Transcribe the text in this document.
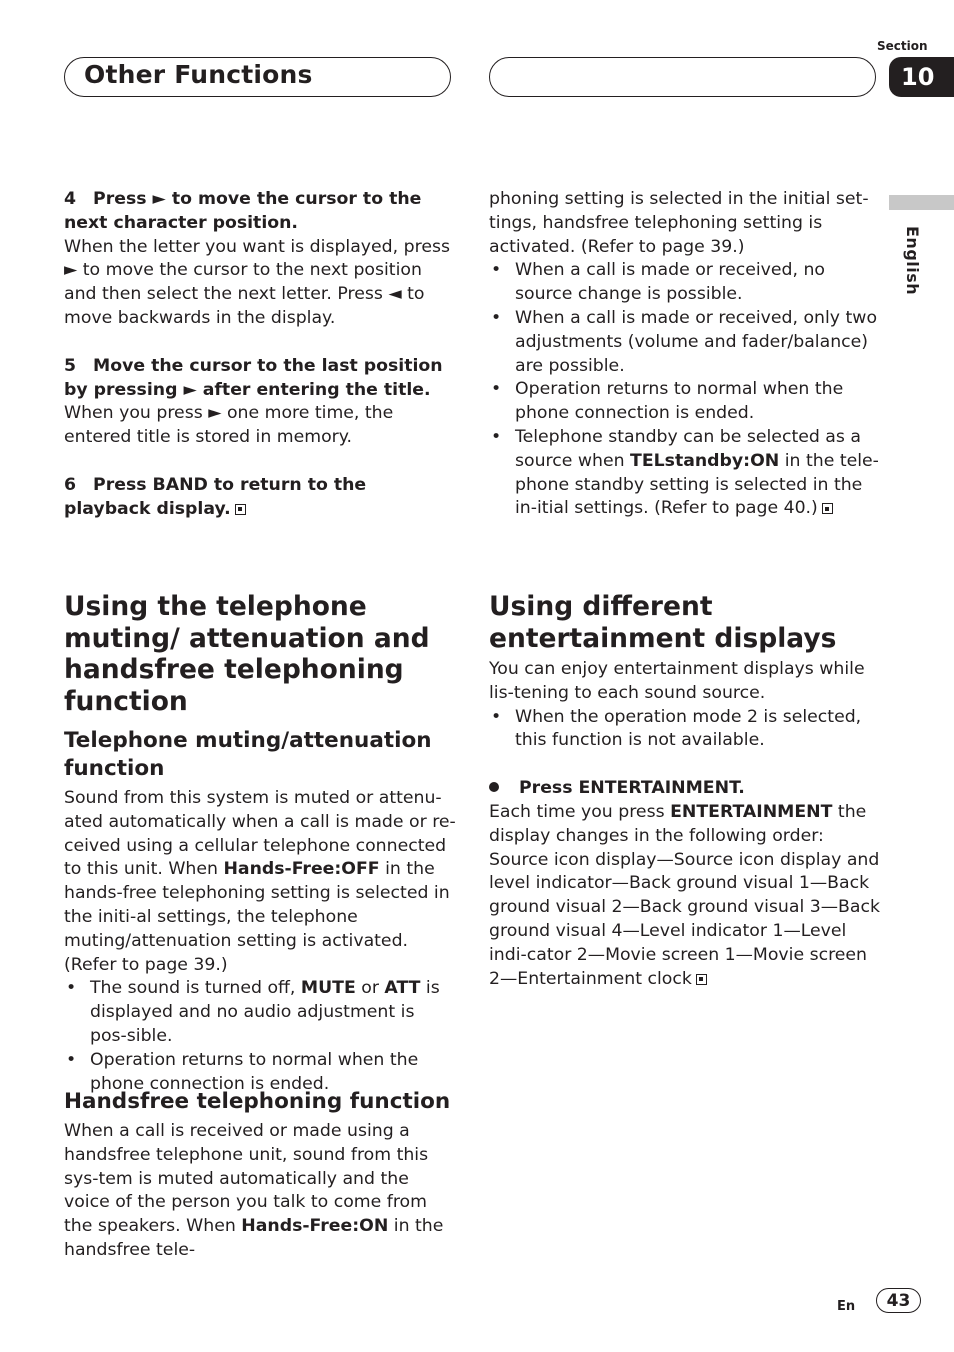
Other Functions
Section
10
English

4 Press ► to move the cursor to the next character position.

When the letter you want is displayed, press ► to move the cursor to the next position and then select the next letter. Press ◄ to move backwards in the display.

5 Move the cursor to the last position by pressing ► after entering the title.

When you press ► one more time, the entered title is stored in memory.

6 Press BAND to return to the playback display.

phoning setting is selected in the initial set-tings, handsfree telephoning setting is activated. (Refer to page 39.)

• When a call is made or received, no source change is possible.
• When a call is made or received, only two adjustments (volume and fader/balance) are possible.
• Operation returns to normal when the phone connection is ended.
• Telephone standby can be selected as a source when TELstandby:ON in the tele-phone standby setting is selected in the in-itial settings. (Refer to page 40.)
Using the telephone muting/ attenuation and handsfree telephoning function
Telephone muting/attenuation function

Sound from this system is muted or attenu-ated automatically when a call is made or re-ceived using a cellular telephone connected to this unit. When Hands-Free:OFF in the hands-free telephoning setting is selected in the initi-al settings, the telephone muting/attenuation setting is activated. (Refer to page 39.)

• The sound is turned off, MUTE or ATT is displayed and no audio adjustment is pos-sible.
• Operation returns to normal when the phone connection is ended.
Handsfree telephoning function

When a call is received or made using a handsfree telephone unit, sound from this sys-tem is muted automatically and the voice of the person you talk to come from the speakers. When Hands-Free:ON in the handsfree tele-

Using different entertainment displays

You can enjoy entertainment displays while lis-tening to each sound source.

• When the operation mode 2 is selected, this function is not available.

Press ENTERTAINMENT.

Each time you press ENTERTAINMENT the display changes in the following order:

Source icon display—Source icon display and level indicator—Back ground visual 1—Back ground visual 2—Back ground visual 3—Back ground visual 4—Level indicator 1—Level indi-cator 2—Movie screen 1—Movie screen 2—Entertainment clock

En 43
